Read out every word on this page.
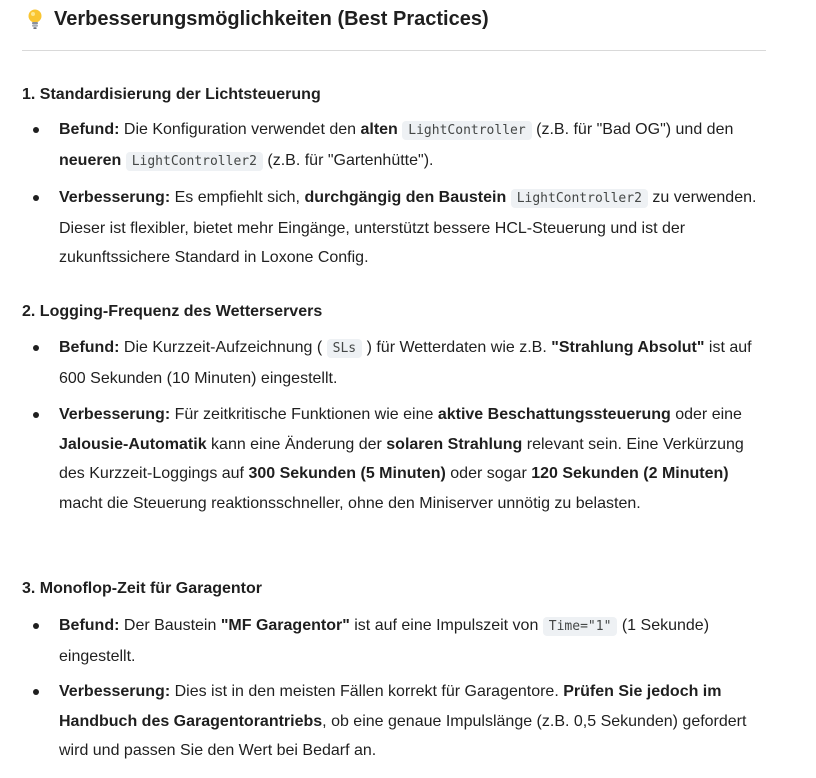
Verbesserungsmöglichkeiten (Best Practices)
1. Standardisierung der Lichtsteuerung
Befund: Die Konfiguration verwendet den alten LightController (z.B. für "Bad OG") und den neueren LightController2 (z.B. für "Gartenhütte").
Verbesserung: Es empfiehlt sich, durchgängig den Baustein LightController2 zu verwenden. Dieser ist flexibler, bietet mehr Eingänge, unterstützt bessere HCL-Steuerung und ist der zukunftssichere Standard in Loxone Config.
2. Logging-Frequenz des Wetterservers
Befund: Die Kurzzeit-Aufzeichnung ( SLs ) für Wetterdaten wie z.B. "Strahlung Absolut" ist auf 600 Sekunden (10 Minuten) eingestellt.
Verbesserung: Für zeitkritische Funktionen wie eine aktive Beschattungssteuerung oder eine Jalousie-Automatik kann eine Änderung der solaren Strahlung relevant sein. Eine Verkürzung des Kurzzeit-Loggings auf 300 Sekunden (5 Minuten) oder sogar 120 Sekunden (2 Minuten) macht die Steuerung reaktionsschneller, ohne den Miniserver unnötig zu belasten.
3. Monoflop-Zeit für Garagentor
Befund: Der Baustein "MF Garagentor" ist auf eine Impulszeit von Time="1" (1 Sekunde) eingestellt.
Verbesserung: Dies ist in den meisten Fällen korrekt für Garagentore. Prüfen Sie jedoch im Handbuch des Garagentorantriebs, ob eine genaue Impulslänge (z.B. 0,5 Sekunden) gefordert wird und passen Sie den Wert bei Bedarf an.
